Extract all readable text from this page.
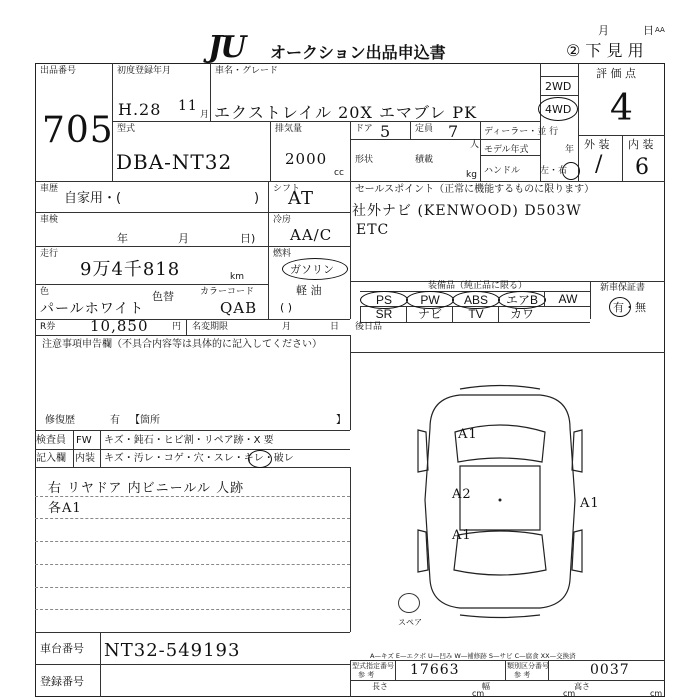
JU オークション出品申込書
月	日 AA
② 下 見 用
出品番号
705
初度登録年月
H.28 11
月
車名・グレード
エクストレイル 20X エマブレ PK
2WD
4WD
評 価 点
4
外 装 内 装
/ 6
型式
DBA-NT32
排気量
2000
cc
ドア 5	定員 7
人
形状	積載
kg
ディーラー・並 行
モデル年式	年
ハンドル 左・右
車歴
自家用・(	)
シフト
AT
車検
年	月	日)
冷房
AA/C
走行
9万4千818	km
燃料
ガソリン
軽 油
( )
色
パールホワイト
色替	カラーコード
QAB
セールスポイント（正常に機能するものに限ります）
社外ナビ (KENWOOD) D503W
ETC
装備品（純正品に限る）	新車保証書
有・無
PS	PW	ABS	エアB	AW
SR	ナビ	TV	カワ
後日品
R券 10,850	円 名変期限	月	日
注意事項申告欄（不具合内容等は具体的に記入してください）
修復歴	有 【箇所	】
検査員
記入欄
FW キズ・鈍石・ヒビ割・リペア跡・X 要
内装 キズ・汚レ・コゲ・穴・スレ・キレ・破レ
右 リヤドア 内ビニールル 人跡
各A1
スペア
A1
A2
A1
A1
A—キズ E—エクボ U—凹み W—補修跡 S—サビ C—腐食 XX—交換済
車台番号 NT32-549193
登録番号
型式指定番号
参 考	17663	類別区分番号
参 考	0037
長さ
cm
幅
cm
高さ
cm
